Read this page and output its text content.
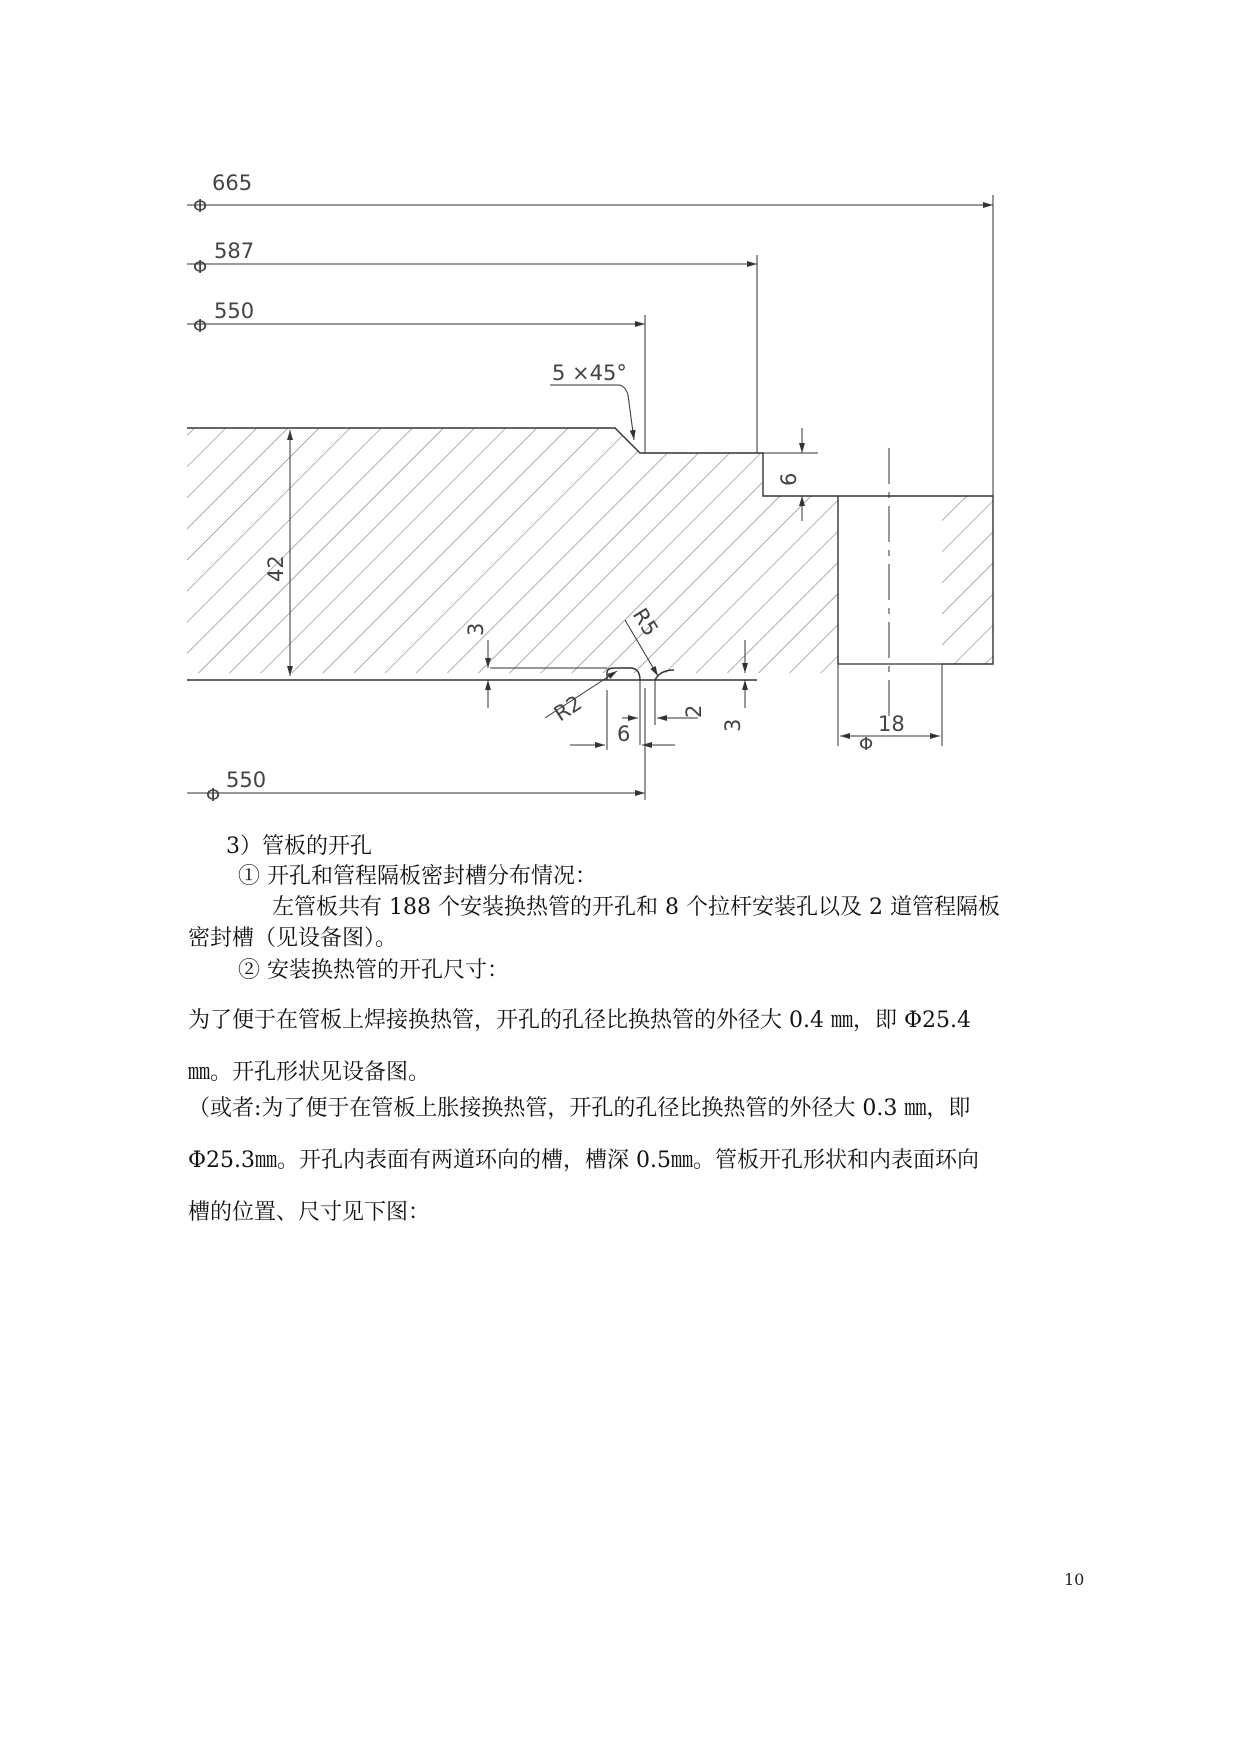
665
Φ
587
Φ
550
Φ
5 ×45°
42
6
3
3
R5
R2	2
6	18
Φ
550
Φ
3）管板的开孔
① 开孔和管程隔板密封槽分布情况：
左管板共有 188 个安装换热管的开孔和 8 个拉杆安装孔以及 2 道管程隔板
密封槽（见设备图）。
② 安装换热管的开孔尺寸：
为了便于在管板上焊接换热管，开孔的孔径比换热管的外径大 0.4 ㎜，即 Φ25.4
㎜。开孔形状见设备图。
（或者:为了便于在管板上胀接换热管，开孔的孔径比换热管的外径大 0.3 ㎜，即
Φ25.3㎜。开孔内表面有两道环向的槽，槽深 0.5㎜。管板开孔形状和内表面环向
槽的位置、尺寸见下图：
10
